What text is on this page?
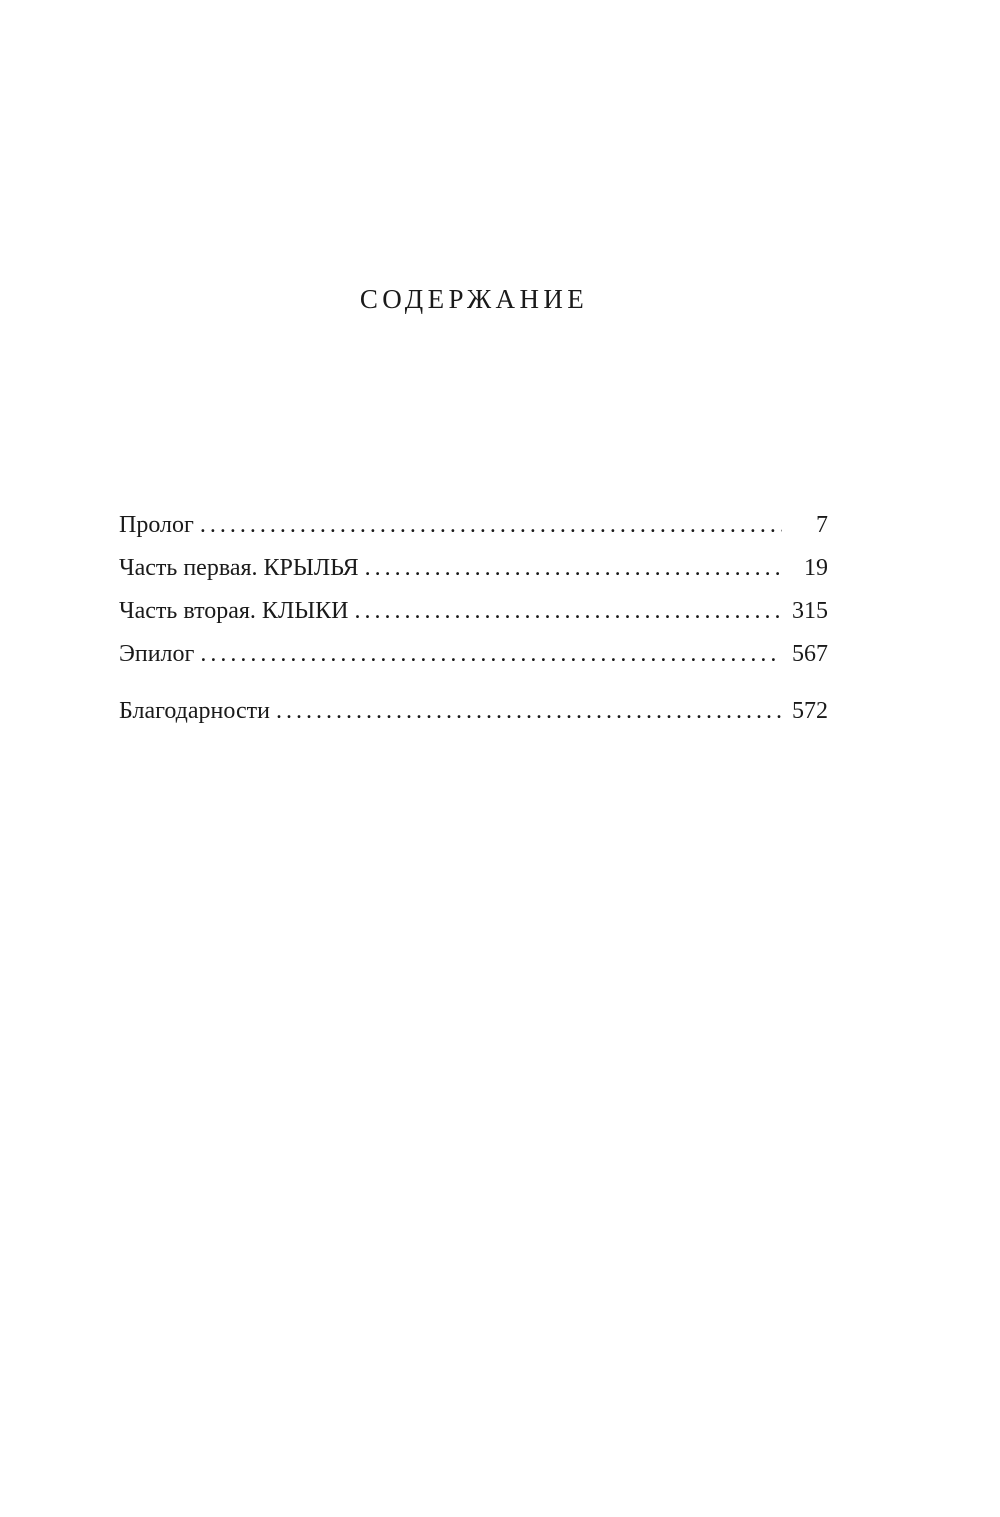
СОДЕРЖАНИЕ
Пролог . . .	7
Часть первая. КРЫЛЬЯ . . .	19
Часть вторая. КЛЫКИ . . .	315
Эпилог . . .	567
Благодарности . . .	572
